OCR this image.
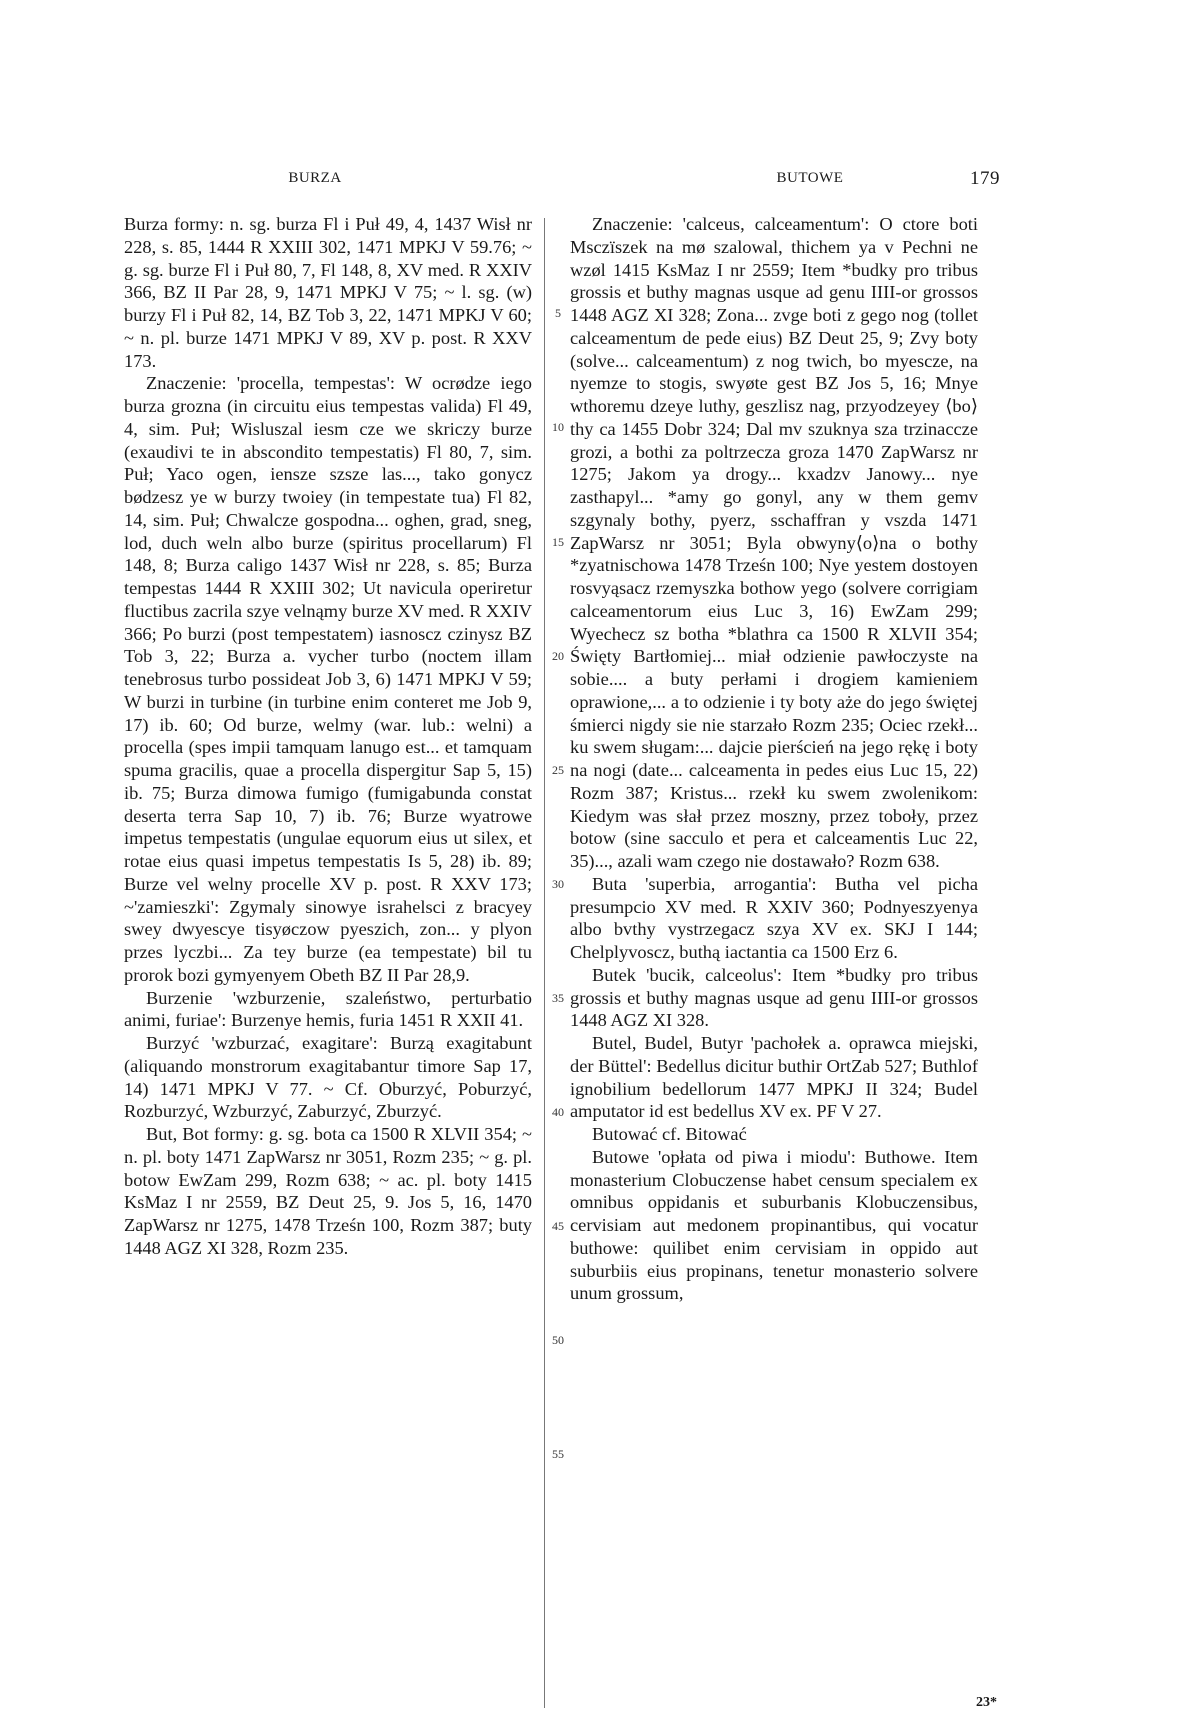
BURZA	BUTOWE	179

Burza formy: n. sg. burza Fl i Puł 49, 4, 1437 Wisł nr 228, s. 85, 1444 R XXIII 302, 1471 MPKJ V 59.76; ~ g. sg. burze Fl i Puł 80, 7, Fl 148, 8, XV med. R XXIV 366, BZ II Par 28, 9, 1471 MPKJ V 75; ~ l. sg. (w) burzy Fl i Puł 82, 14, BZ Tob 3, 22, 1471 MPKJ V 60; ~ n. pl. burze 1471 MPKJ V 89, XV p. post. R XXV 173.

Znaczenie: 'procella, tempestas': W ocrødze iego burza grozna (in circuitu eius tempestas valida) Fl 49, 4, sim. Puł; Wisluszal iesm cze we skriczy burze (exaudivi te in abscondito tempestatis) Fl 80, 7, sim. Puł; Yaco ogen, iensze szsze las..., tako gonycz bødzesz ye w burzy twoiey (in tempestate tua) Fl 82, 14, sim. Puł; Chwalcze gospodna... oghen, grad, sneg, lod, duch weln albo burze (spiritus procellarum) Fl 148, 8; Burza caligo 1437 Wisł nr 228, s. 85; Burza tempestas 1444 R XXIII 302; Ut navicula operiretur fluctibus zacrila szye velnąmy burze XV med. R XXIV 366; Po burzi (post tempestatem) iasnoscz czinysz BZ Tob 3, 22; Burza a. vycher turbo (noctem illam tenebrosus turbo possideat Job 3, 6) 1471 MPKJ V 59; W burzi in turbine (in turbine enim conteret me Job 9, 17) ib. 60; Od burze, welmy (war. lub.: welni) a procella (spes impii tamquam lanugo est... et tamquam spuma gracilis, quae a procella dispergitur Sap 5, 15) ib. 75; Burza dimowa fumigo (fumigabunda constat deserta terra Sap 10, 7) ib. 76; Burze wyatrowe impetus tempestatis (ungulae equorum eius ut silex, et rotae eius quasi impetus tempestatis Is 5, 28) ib. 89; Burze vel welny procelle XV p. post. R XXV 173; ~'zamieszki': Zgymaly sinowye israhelsci z bracyey swey dwyescye tisyøczow pyeszich, zon... y plyon przes lyczbi... Za tey burze (ea tempestate) bil tu prorok bozi gymyenyem Obeth BZ II Par 28,9.

Burzenie 'wzburzenie, szaleństwo, perturbatio animi, furiae': Burzenye hemis, furia 1451 R XXII 41.

Burzyć 'wzburzać, exagitare': Burzą exagitabunt (aliquando monstrorum exagitabantur timore Sap 17, 14) 1471 MPKJ V 77. ~ Cf. Oburzyć, Poburzyć, Rozburzyć, Wzburzyć, Zaburzyć, Zburzyć.

But, Bot formy: g. sg. bota ca 1500 R XLVII 354; ~ n. pl. boty 1471 ZapWarsz nr 3051, Rozm 235; ~ g. pl. botow EwZam 299, Rozm 638; ~ ac. pl. boty 1415 KsMaz I nr 2559, BZ Deut 25, 9. Jos 5, 16, 1470 ZapWarsz nr 1275, 1478 Trześn 100, Rozm 387; buty 1448 AGZ XI 328, Rozm 235.

5
10
15
20
25
30
35
40
45
50
55

Znaczenie: 'calceus, calceamentum': O ctore boti Msczïszek na mø szalowal, thichem ya v Pechni ne wzøl 1415 KsMaz I nr 2559; Item *budky pro tribus grossis et buthy magnas usque ad genu IIII-or grossos 1448 AGZ XI 328; Zona... zvge boti z gego nog (tollet calceamentum de pede eius) BZ Deut 25, 9; Zvy boty (solve... calceamentum) z nog twich, bo myescze, na nyemze to stogis, swyøte gest BZ Jos 5, 16; Mnye wthoremu dzeye luthy, geszlisz nag, przyodzeyey ⟨bo⟩thy ca 1455 Dobr 324; Dal mv szuknya sza trzinaccze grozi, a bothi za poltrzecza groza 1470 ZapWarsz nr 1275; Jakom ya drogy... kxadzv Janowy... nye zasthapyl... *amy go gonyl, any w them gemv szgynaly bothy, pyerz, sschaffran y vszda 1471 ZapWarsz nr 3051; Byla obwyny⟨o⟩na o bothy *zyatnischowa 1478 Trześn 100; Nye yestem dostoyen rosvyąsacz rzemyszka bothow yego (solvere corrigiam calceamentorum eius Luc 3, 16) EwZam 299; Wyechecz sz botha *blathra ca 1500 R XLVII 354; Święty Bartłomiej... miał odzienie pawłoczyste na sobie.... a buty perłami i drogiem kamieniem oprawione,... a to odzienie i ty boty aże do jego świętej śmierci nigdy sie nie starzało Rozm 235; Ociec rzekł... ku swem sługam:... dajcie pierścień na jego rękę i boty na nogi (date... calceamenta in pedes eius Luc 15, 22) Rozm 387; Kristus... rzekł ku swem zwolenikom: Kiedym was słał przez moszny, przez toboły, przez botow (sine sacculo et pera et calceamentis Luc 22, 35)..., azali wam czego nie dostawało? Rozm 638.

Buta 'superbia, arrogantia': Butha vel picha presumpcio XV med. R XXIV 360; Podnyeszyenya albo bvthy vystrzegacz szya XV ex. SKJ I 144; Chelplyvoscz, buthą iactantia ca 1500 Erz 6.

Butek 'bucik, calceolus': Item *budky pro tribus grossis et buthy magnas usque ad genu IIII-or grossos 1448 AGZ XI 328.

Butel, Budel, Butyr 'pachołek a. oprawca miejski, der Büttel': Bedellus dicitur buthir OrtZab 527; Buthlof ignobilium bedellorum 1477 MPKJ II 324; Budel amputator id est bedellus XV ex. PF V 27.

Butować cf. Bitować

Butowe 'opłata od piwa i miodu': Buthowe. Item monasterium Clobuczense habet censum specialem ex omnibus oppidanis et suburbanis Klobuczensibus, cervisiam aut medonem propinantibus, qui vocatur buthowe: quilibet enim cervisiam in oppido aut suburbiis eius propinans, tenetur monasterio solvere unum grossum,

23*
